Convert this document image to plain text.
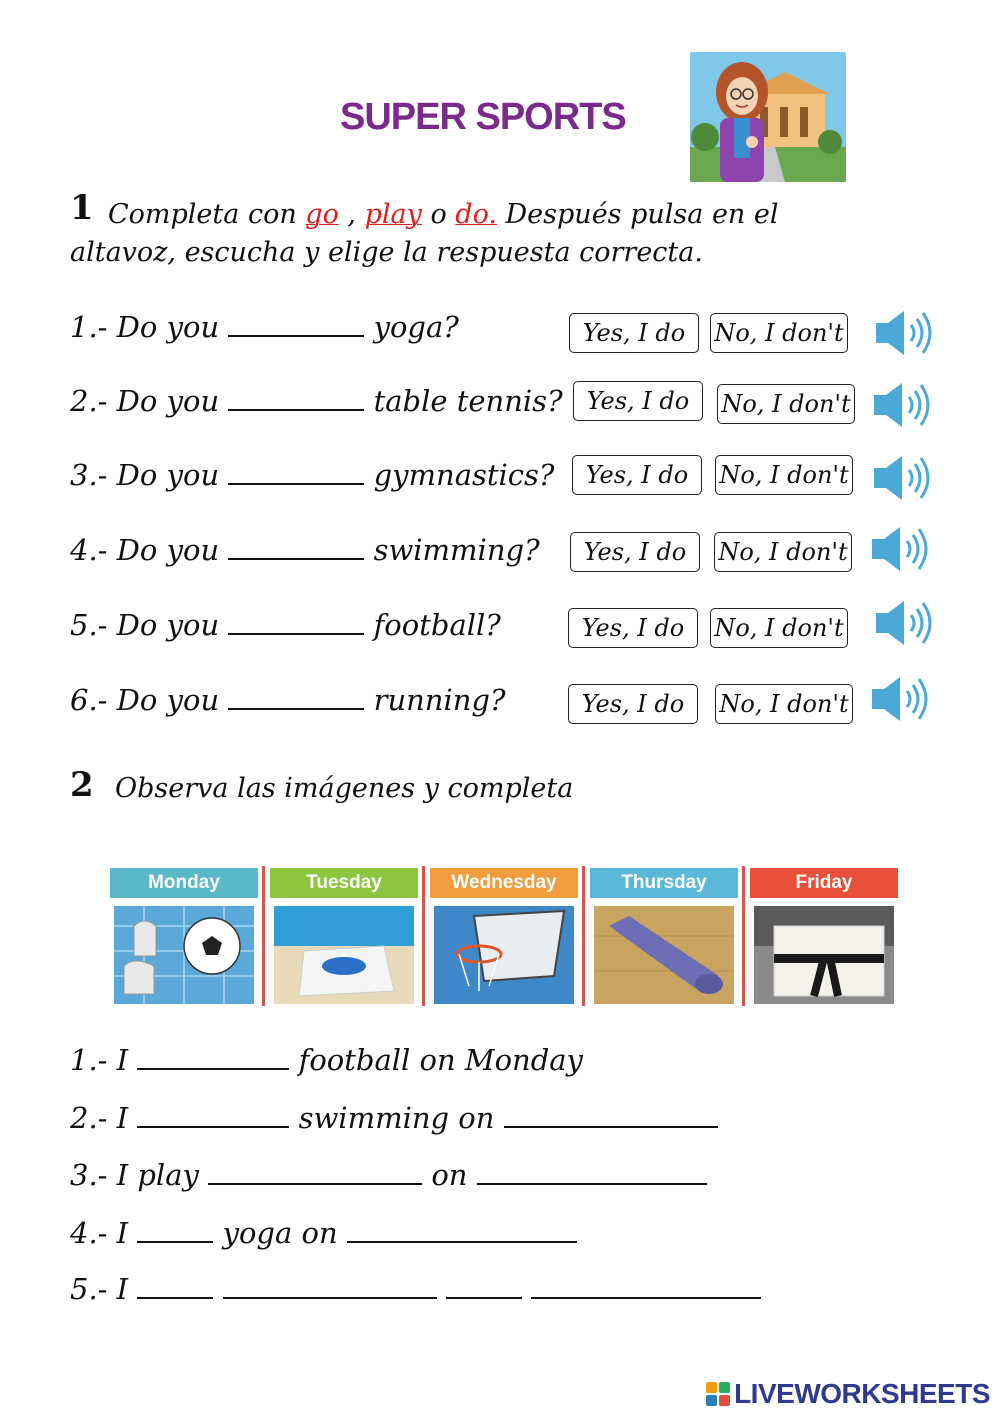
SUPER SPORTS
1 Completa con go , play o do. Después pulsa en el
altavoz, escucha y elige la respuesta correcta.
1.- Do you	yoga?	Yes, I do	No, I don't
2.- Do you	table tennis?	Yes, I do	No, I don't
3.- Do you	gymnastics?	Yes, I do	No, I don't
4.- Do you	swimming?	Yes, I do	No, I don't
5.- Do you	football?	Yes, I do	No, I don't
6.- Do you	running?	Yes, I do	No, I don't
2 Observa las imágenes y completa
Monday	Tuesday	Wednesday	Thursday	Friday
1.- I	football on Monday
2.- I	swimming on
3.- I play	on
4.- I	yoga on
5.- I
LIVEWORKSHEETS
